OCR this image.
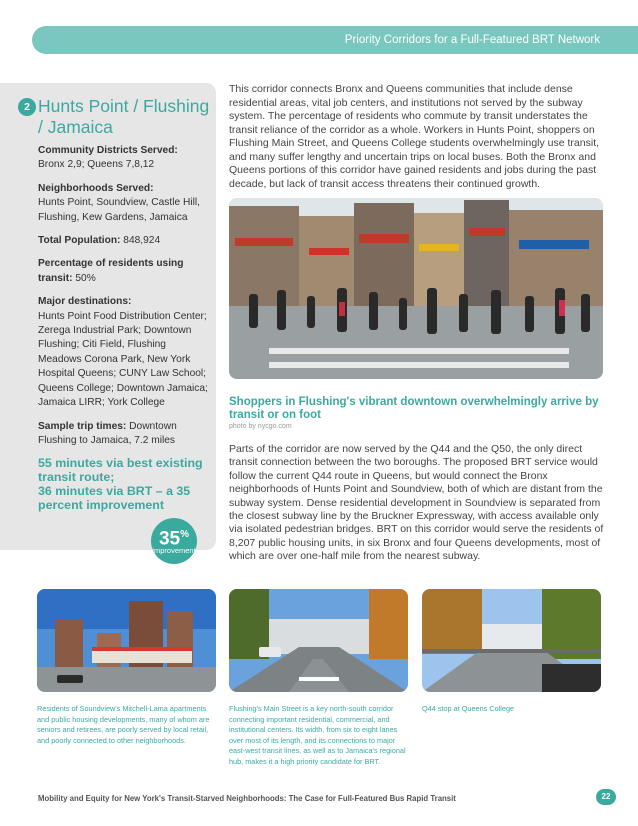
Priority Corridors for a Full-Featured BRT Network
2 Hunts Point / Flushing / Jamaica
Community Districts Served:
Bronx 2,9; Queens 7,8,12
Neighborhoods Served:
Hunts Point, Soundview, Castle Hill, Flushing, Kew Gardens, Jamaica
Total Population: 848,924
Percentage of residents using transit: 50%
Major destinations:
Hunts Point Food Distribution Center; Zerega Industrial Park; Downtown Flushing; Citi Field, Flushing Meadows Corona Park, New York Hospital Queens; CUNY Law School; Queens College; Downtown Jamaica; Jamaica LIRR; York College
Sample trip times: Downtown Flushing to Jamaica, 7.2 miles
55 minutes via best existing transit route;
36 minutes via BRT – a 35 percent improvement
35%
improvement
This corridor connects Bronx and Queens communities that include dense residential areas, vital job centers, and institutions not served by the subway system. The percentage of residents who commute by transit understates the transit reliance of the corridor as a whole. Workers in Hunts Point, shoppers on Flushing Main Street, and Queens College students overwhelmingly use transit, and many suffer lengthy and uncertain trips on local buses. Both the Bronx and Queens portions of this corridor have gained residents and jobs during the past decade, but lack of transit access threatens their continued growth.
Shoppers in Flushing's vibrant downtown overwhelmingly arrive by transit or on foot
photo by nycgo.com
Parts of the corridor are now served by the Q44 and the Q50, the only direct transit connection between the two boroughs. The proposed BRT service would follow the current Q44 route in Queens, but would connect the Bronx neighborhoods of Hunts Point and Soundview, both of which are distant from the subway system. Dense residential development in Soundview is separated from the closest subway line by the Bruckner Expressway, with access available only via isolated pedestrian bridges. BRT on this corridor would serve the residents of 8,207 public housing units, in six Bronx and four Queens developments, most of which are over one-half mile from the nearest subway.
Residents of Soundview's Mitchell-Lama apartments and public housing developments, many of whom are seniors and retirees, are poorly served by local retail, and poorly connected to other neighborhoods.
Flushing's Main Street is a key north-south corridor connecting important residential, commercial, and institutional centers. Its width, from six to eight lanes over most of its length, and its connections to major east-west transit lines, as well as to Jamaica's regional hub, makes it a high priority candidate for BRT.
Q44 stop at Queens College
Mobility and Equity for New York's Transit-Starved Neighborhoods: The Case for Full-Featured Bus Rapid Transit	22
